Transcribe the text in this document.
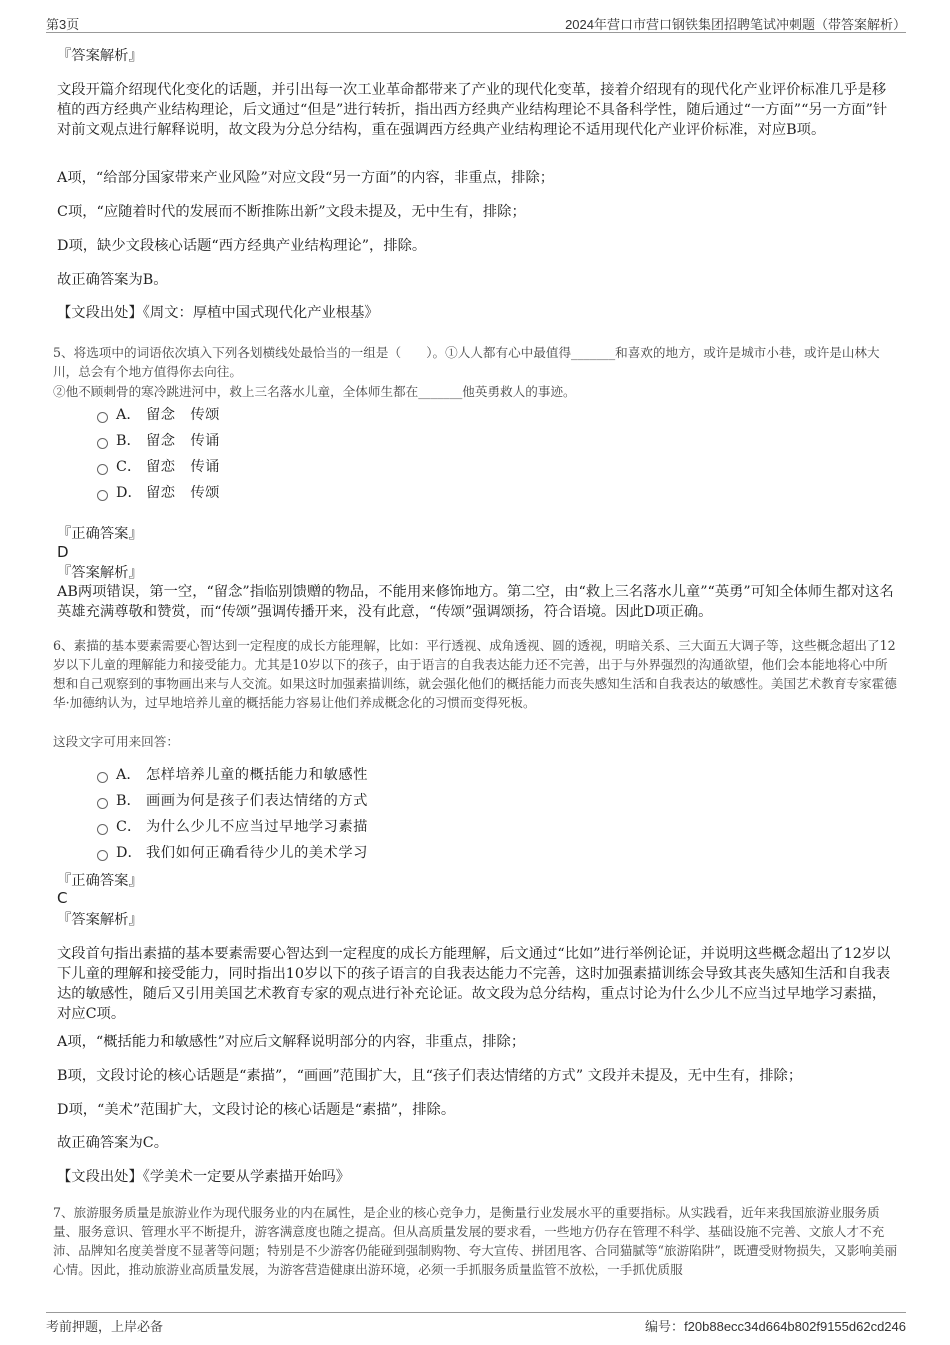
第3页	2024年营口市营口钢铁集团招聘笔试冲刺题（带答案解析）
『答案解析』
文段开篇介绍现代化变化的话题，并引出每一次工业革命都带来了产业的现代化变革，接着介绍现有的现代化产业评价标准几乎是移植的西方经典产业结构理论，后文通过“但是”进行转折，指出西方经典产业结构理论不具备科学性，随后通过“一方面”“另一方面”针对前文观点进行解释说明，故文段为分总分结构，重在强调西方经典产业结构理论不适用现代化产业评价标准，对应B项。
A项，“给部分国家带来产业风险”对应文段“另一方面”的内容，非重点，排除；
C项，“应随着时代的发展而不断推陈出新”文段未提及，无中生有，排除；
D项，缺少文段核心话题“西方经典产业结构理论”，排除。
故正确答案为B。
【文段出处】《周文：厚植中国式现代化产业根基》
5、将选项中的词语依次填入下列各划横线处最恰当的一组是（　　）。①人人都有心中最值得_______和喜欢的地方，或许是城市小巷，或许是山林大川，总会有个地方值得你去向往。
②他不顾刺骨的寒冷跳进河中，救上三名落水儿童，全体师生都在_______他英勇救人的事迹。
A． 留念　传颂
B． 留念　传诵
C． 留恋　传诵
D． 留恋　传颂
『正确答案』
D
『答案解析』
AB两项错误，第一空，“留念”指临别馈赠的物品，不能用来修饰地方。第二空，由“救上三名落水儿童”“英勇”可知全体师生都对这名英雄充满尊敬和赞赏，而“传颂”强调传播开来，没有此意，“传颂”强调颂扬，符合语境。因此D项正确。
6、素描的基本要素需要心智达到一定程度的成长方能理解，比如：平行透视、成角透视、圆的透视，明暗关系、三大面五大调子等，这些概念超出了12岁以下儿童的理解能力和接受能力。尤其是10岁以下的孩子，由于语言的自我表达能力还不完善，出于与外界强烈的沟通欲望，他们会本能地将心中所想和自己观察到的事物画出来与人交流。如果这时加强素描训练，就会强化他们的概括能力而丧失感知生活和自我表达的敏感性。美国艺术教育专家霍德华·加德纳认为，过早地培养儿童的概括能力容易让他们养成概念化的习惯而变得死板。
这段文字可用来回答：
A． 怎样培养儿童的概括能力和敏感性
B． 画画为何是孩子们表达情绪的方式
C． 为什么少儿不应当过早地学习素描
D． 我们如何正确看待少儿的美术学习
『正确答案』
C
『答案解析』
文段首句指出素描的基本要素需要心智达到一定程度的成长方能理解，后文通过“比如”进行举例论证，并说明这些概念超出了12岁以下儿童的理解和接受能力，同时指出10岁以下的孩子语言的自我表达能力不完善，这时加强素描训练会导致其丧失感知生活和自我表达的敏感性，随后又引用美国艺术教育专家的观点进行补充论证。故文段为总分结构，重点讨论为什么少儿不应当过早地学习素描，对应C项。
A项，“概括能力和敏感性”对应后文解释说明部分的内容，非重点，排除；
B项，文段讨论的核心话题是“素描”，“画画”范围扩大，且“孩子们表达情绪的方式” 文段并未提及，无中生有，排除；
D项，“美术”范围扩大，文段讨论的核心话题是“素描”，排除。
故正确答案为C。
【文段出处】《学美术一定要从学素描开始吗》
7、旅游服务质量是旅游业作为现代服务业的内在属性，是企业的核心竞争力，是衡量行业发展水平的重要指标。从实践看，近年来我国旅游业服务质量、服务意识、管理水平不断提升，游客满意度也随之提高。但从高质量发展的要求看，一些地方仍存在管理不科学、基础设施不完善、文旅人才不充沛、品牌知名度美誉度不显著等问题；特别是不少游客仍能碰到强制购物、夸大宣传、拼团甩客、合同猫腻等“旅游陷阱”，既遭受财物损失，又影响美丽心情。因此，推动旅游业高质量发展，为游客营造健康出游环境，必须一手抓服务质量监管不放松，一手抓优质服
考前押题，上岸必备	编号：f20b88ecc34d664b802f9155d62cd246
